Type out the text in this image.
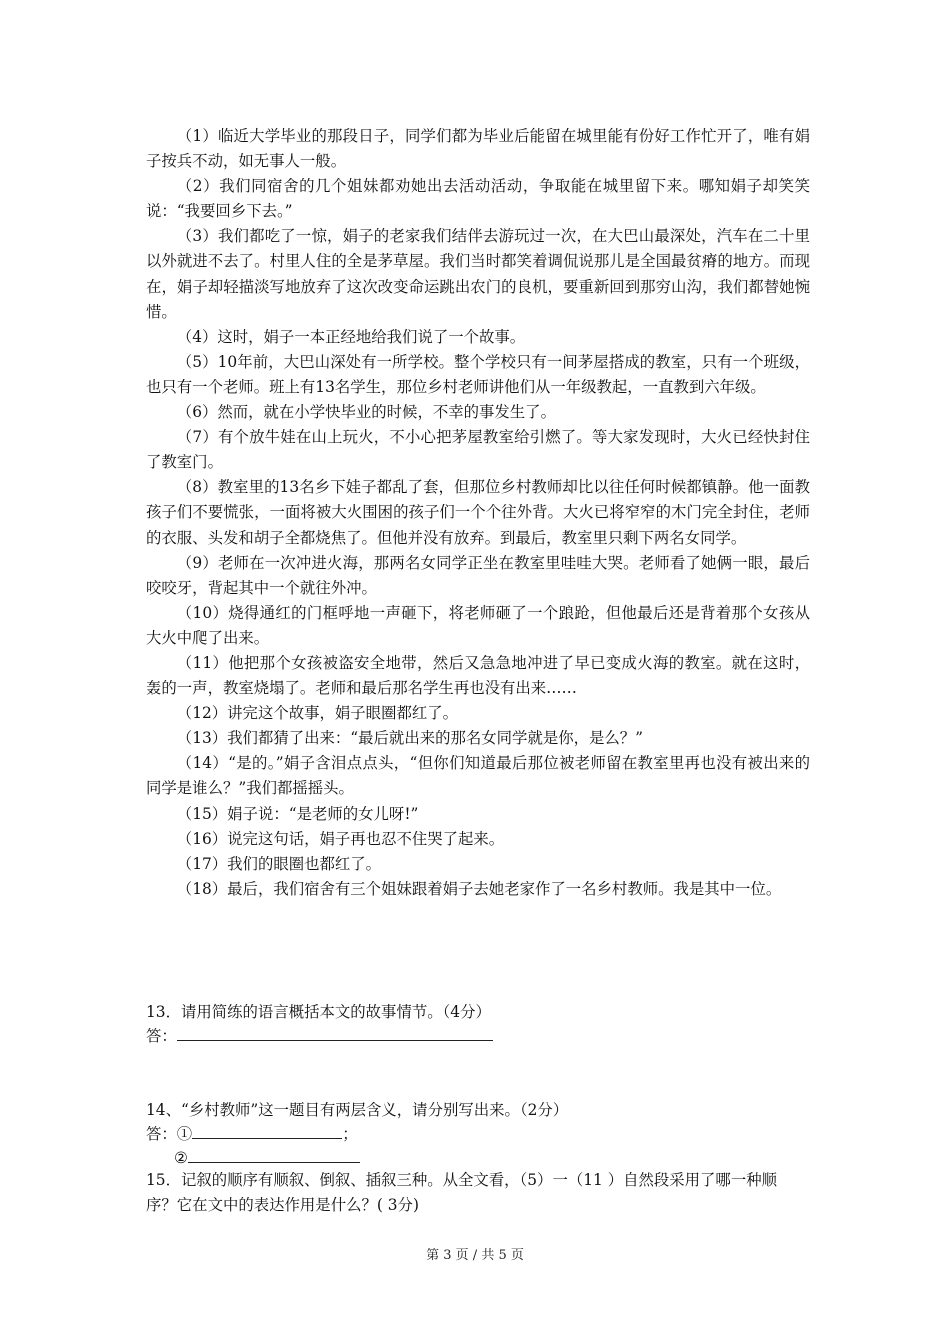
（1）临近大学毕业的那段日子，同学们都为毕业后能留在城里能有份好工作忙开了，唯有娟子按兵不动，如无事人一般。

（2）我们同宿舍的几个姐妹都劝她出去活动活动，争取能在城里留下来。哪知娟子却笑笑说：“我要回乡下去。”

（3）我们都吃了一惊，娟子的老家我们结伴去游玩过一次，在大巴山最深处，汽车在二十里以外就进不去了。村里人住的全是茅草屋。我们当时都笑着调侃说那儿是全国最贫瘠的地方。而现在，娟子却轻描淡写地放弃了这次改变命运跳出农门的良机，要重新回到那穷山沟，我们都替她惋惜。

（4）这时，娟子一本正经地给我们说了一个故事。

（5）10年前，大巴山深处有一所学校。整个学校只有一间茅屋搭成的教室，只有一个班级，也只有一个老师。班上有13名学生，那位乡村老师讲他们从一年级教起，一直教到六年级。

（6）然而，就在小学快毕业的时候，不幸的事发生了。

（7）有个放牛娃在山上玩火，不小心把茅屋教室给引燃了。等大家发现时，大火已经快封住了教室门。

（8）教室里的13名乡下娃子都乱了套，但那位乡村教师却比以往任何时候都镇静。他一面教孩子们不要慌张，一面将被大火围困的孩子们一个个往外背。大火已将窄窄的木门完全封住，老师的衣服、头发和胡子全都烧焦了。但他并没有放弃。到最后，教室里只剩下两名女同学。

（9）老师在一次冲进火海，那两名女同学正坐在教室里哇哇大哭。老师看了她俩一眼，最后咬咬牙，背起其中一个就往外冲。

（10）烧得通红的门框呼地一声砸下，将老师砸了一个踉跄，但他最后还是背着那个女孩从大火中爬了出来。

（11）他把那个女孩被盗安全地带，然后又急急地冲进了早已变成火海的教室。就在这时，轰的一声，教室烧塌了。老师和最后那名学生再也没有出来……

（12）讲完这个故事，娟子眼圈都红了。

（13）我们都猜了出来：“最后就出来的那名女同学就是你，是么？”

（14）“是的。”娟子含泪点点头，“但你们知道最后那位被老师留在教室里再也没有被出来的同学是谁么？”我们都摇摇头。

（15）娟子说：“是老师的女儿呀!”

（16）说完这句话，娟子再也忍不住哭了起来。

（17）我们的眼圈也都红了。

（18）最后，我们宿舍有三个姐妹跟着娟子去她老家作了一名乡村教师。我是其中一位。

13．请用简练的语言概括本文的故事情节。（4分）

答：

14、“乡村教师”这一题目有两层含义，请分别写出来。（2分）

答：①	；

②

15．记叙的顺序有顺叙、倒叙、插叙三种。从全文看，（5）一（11 ）自然段采用了哪一种顺

序？它在文中的表达作用是什么？( 3分)

第 3 页 / 共 5 页
